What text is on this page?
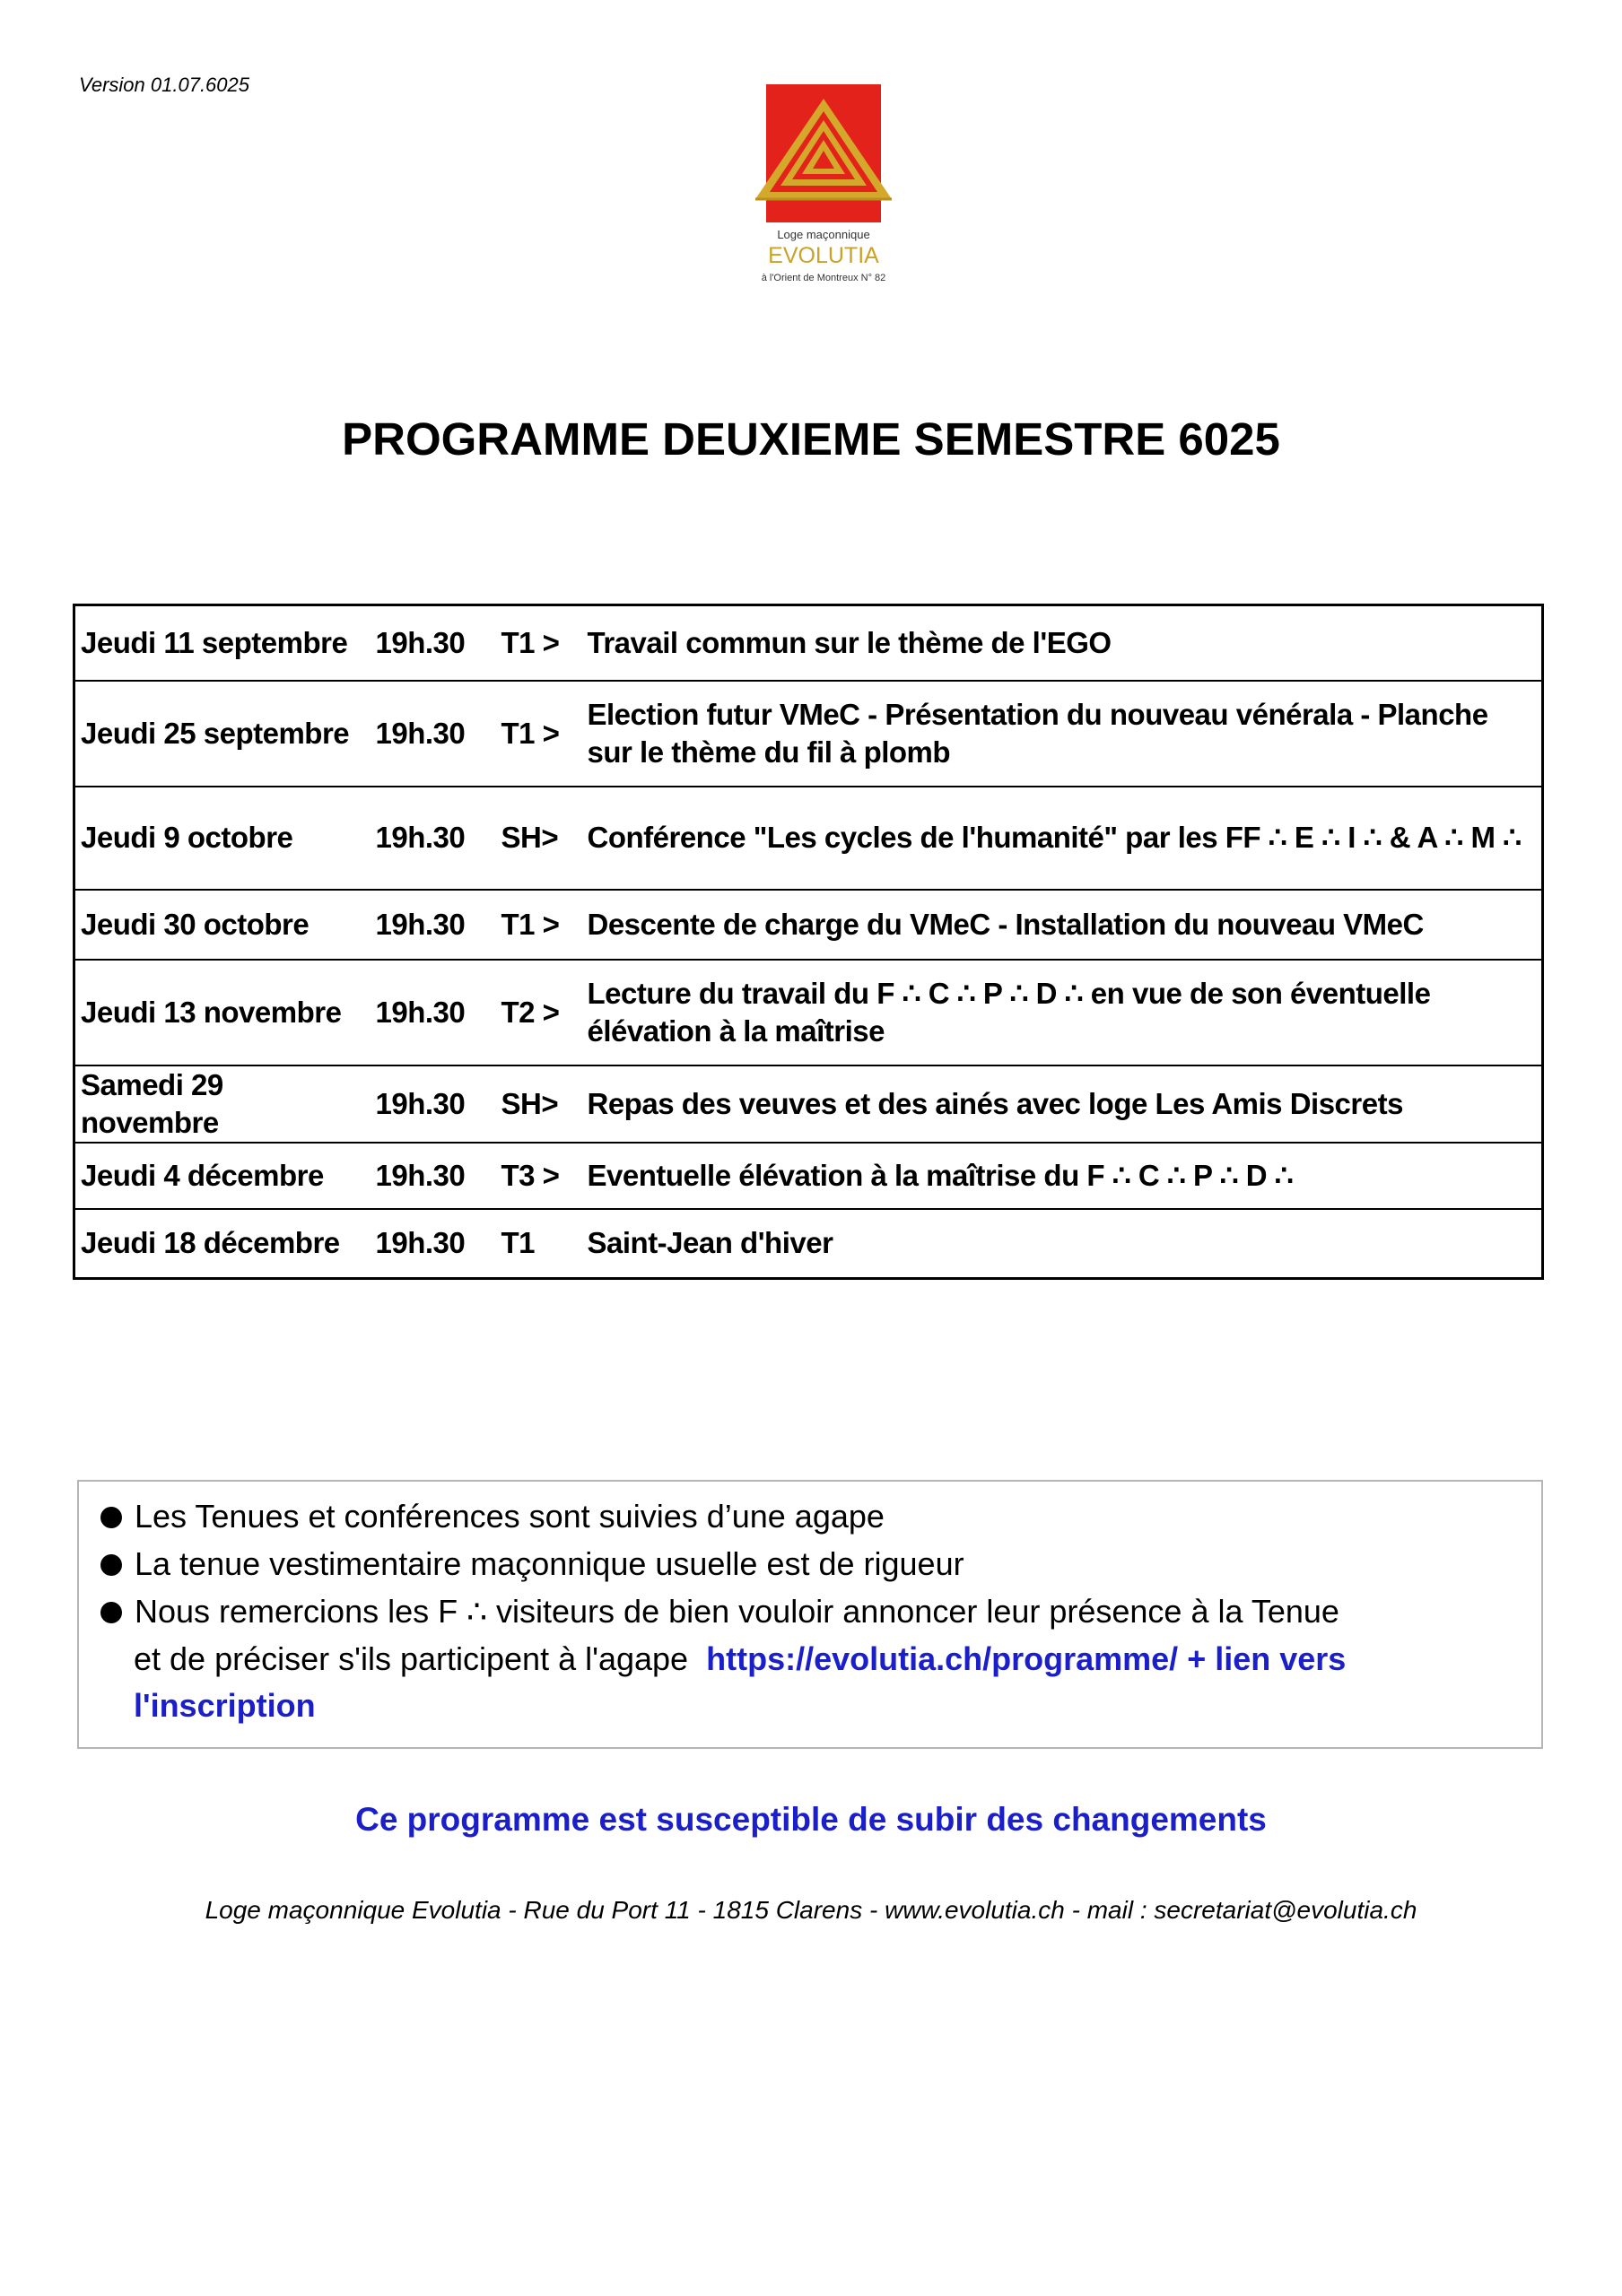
Version 01.07.6025
Loge maçonnique
EVOLUTIA
à l'Orient de Montreux N° 82
PROGRAMME DEUXIEME SEMESTRE 6025
Jeudi 11 septembre	19h.30	T1 >	Travail commun sur le thème de l'EGO
Jeudi 25 septembre	19h.30	T1 >	Election futur VMeC - Présentation du nouveau vénérala - Planche sur le thème du fil à plomb
Jeudi 9 octobre	19h.30	SH>	Conférence "Les cycles de l'humanité" par les FF ∴ E ∴ I ∴ & A ∴ M ∴
Jeudi 30 octobre	19h.30	T1 >	Descente de charge du VMeC - Installation du nouveau VMeC
Jeudi 13 novembre	19h.30	T2 >	Lecture du travail du F ∴ C ∴ P ∴ D ∴ en vue de son éventuelle élévation à la maîtrise
Samedi 29 novembre	19h.30	SH>	Repas des veuves et des ainés avec loge Les Amis Discrets
Jeudi 4 décembre	19h.30	T3 >	Eventuelle élévation à la maîtrise du F ∴ C ∴ P ∴ D ∴
Jeudi 18 décembre	19h.30	T1	Saint-Jean d'hiver
Les Tenues et conférences sont suivies d’une agape
La tenue vestimentaire maçonnique usuelle est de rigueur
Nous remercions les F ∴ visiteurs de bien vouloir annoncer leur présence à la Tenue
et de préciser s'ils participent à l'agape https://evolutia.ch/programme/ + lien vers
l'inscription
Ce programme est susceptible de subir des changements
Loge maçonnique Evolutia - Rue du Port 11 - 1815 Clarens - www.evolutia.ch - mail : secretariat@evolutia.ch
